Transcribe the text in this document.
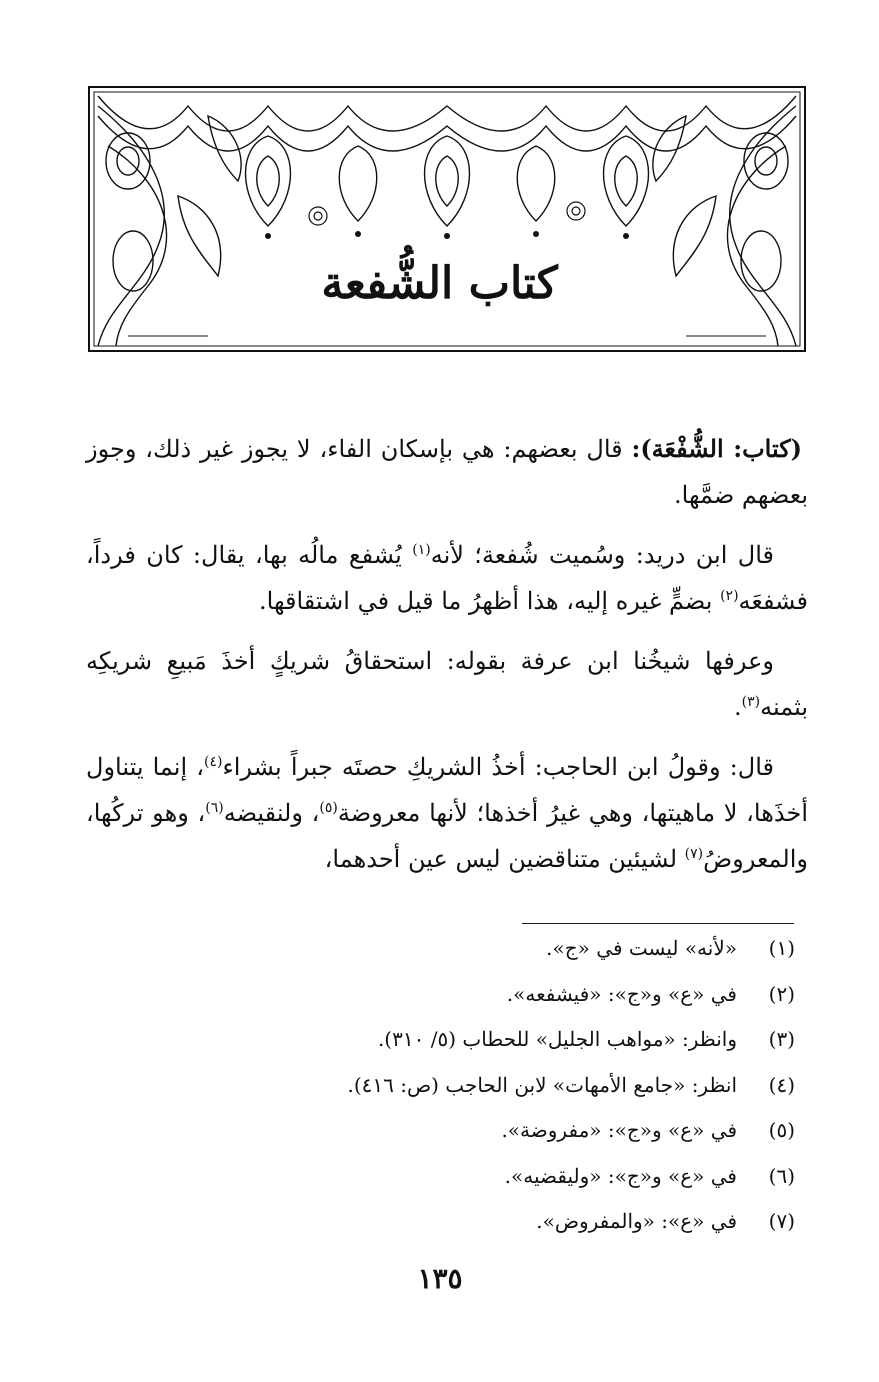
كتاب الشُّفعة

(كتاب: الشُّفْعَة): قال بعضهم: هي بإسكان الفاء، لا يجوز غير ذلك، وجوز بعضهم ضمَّها.

قال ابن دريد: وسُميت شُفعة؛ لأنه$^{(١)}$ يُشفع مالُه بها، يقال: كان فرداً، فشفعَه$^{(٢)}$ بضمٍّ غيره إليه، هذا أظهرُ ما قيل في اشتقاقها.

وعرفها شيخُنا ابن عرفة بقوله: استحقاقُ شريكٍ أخذَ مَبيعِ شريكِه بثمنه$^{(٣)}$.

قال: وقولُ ابن الحاجب: أخذُ الشريكِ حصتَه جبراً بشراء$^{(٤)}$، إنما يتناول أخذَها، لا ماهيتها، وهي غيرُ أخذها؛ لأنها معروضة$^{(٥)}$، ولنقيضه$^{(٦)}$، وهو تركُها، والمعروضُ$^{(٧)}$ لشيئين متناقضين ليس عين أحدهما،

(١)
«لأنه» ليست في «ج».
(٢)
في «ع» و«ج»: «فيشفعه».
(٣)
وانظر: «مواهب الجليل» للحطاب (٥/ ٣١٠).
(٤)
انظر: «جامع الأمهات» لابن الحاجب (ص: ٤١٦).
(٥)
في «ع» و«ج»: «مفروضة».
(٦)
في «ع» و«ج»: «وليقضيه».
(٧)
في «ع»: «والمفروض».
١٣٥
